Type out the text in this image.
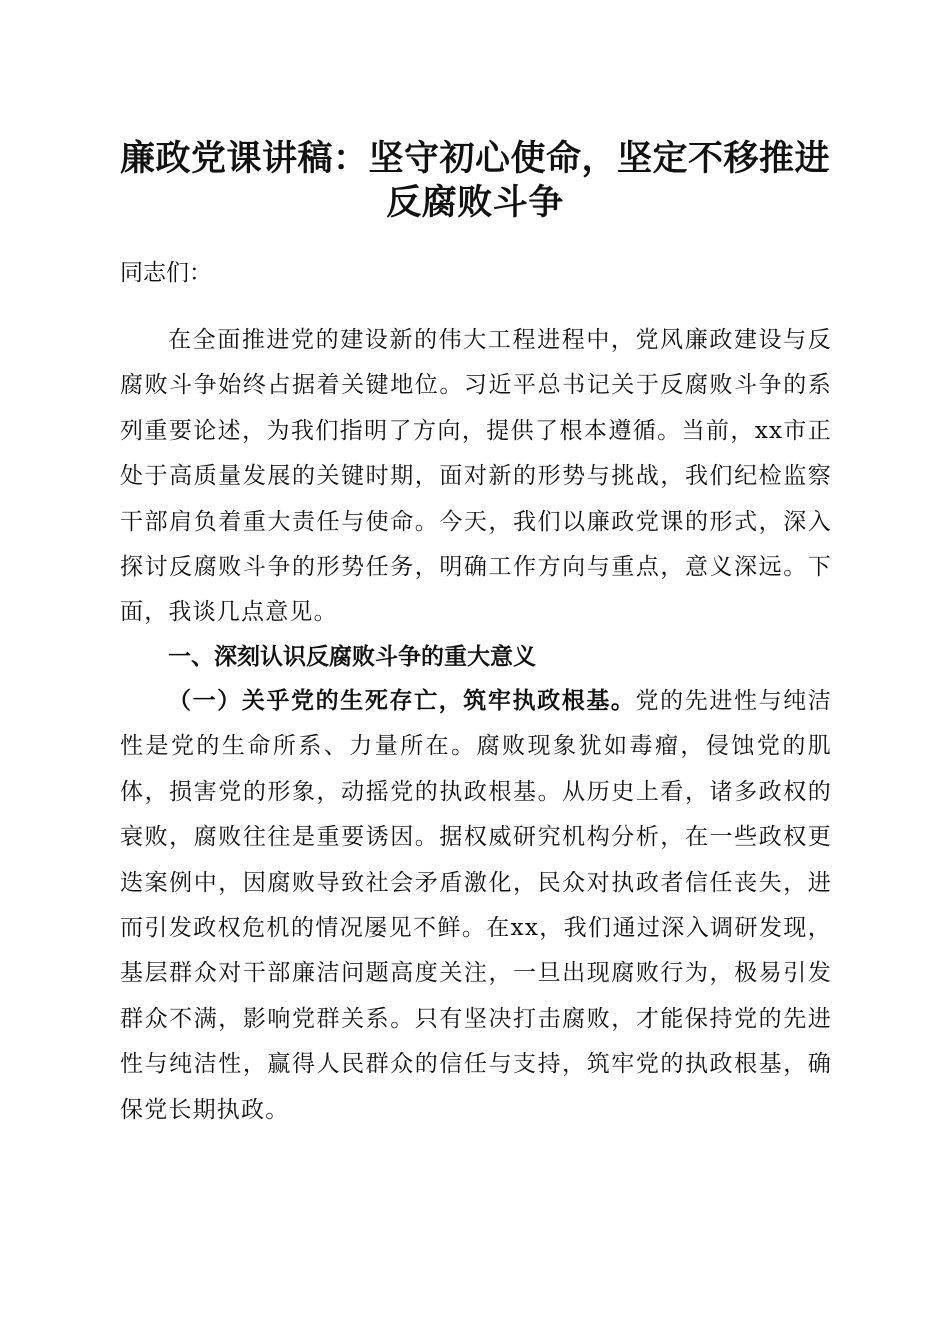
廉政党课讲稿：坚守初心使命，坚定不移推进
反腐败斗争

同志们：

在全面推进党的建设新的伟大工程进程中，党风廉政建设与反腐败斗争始终占据着关键地位。习近平总书记关于反腐败斗争的系列重要论述，为我们指明了方向，提供了根本遵循。当前，xx市正处于高质量发展的关键时期，面对新的形势与挑战，我们纪检监察干部肩负着重大责任与使命。今天，我们以廉政党课的形式，深入探讨反腐败斗争的形势任务，明确工作方向与重点，意义深远。下面，我谈几点意见。

一、深刻认识反腐败斗争的重大意义

（一）关乎党的生死存亡，筑牢执政根基。党的先进性与纯洁性是党的生命所系、力量所在。腐败现象犹如毒瘤，侵蚀党的肌体，损害党的形象，动摇党的执政根基。从历史上看，诸多政权的衰败，腐败往往是重要诱因。据权威研究机构分析，在一些政权更迭案例中，因腐败导致社会矛盾激化，民众对执政者信任丧失，进而引发政权危机的情况屡见不鲜。在xx，我们通过深入调研发现，基层群众对干部廉洁问题高度关注，一旦出现腐败行为，极易引发群众不满，影响党群关系。只有坚决打击腐败，才能保持党的先进性与纯洁性，赢得人民群众的信任与支持，筑牢党的执政根基，确保党长期执政。
